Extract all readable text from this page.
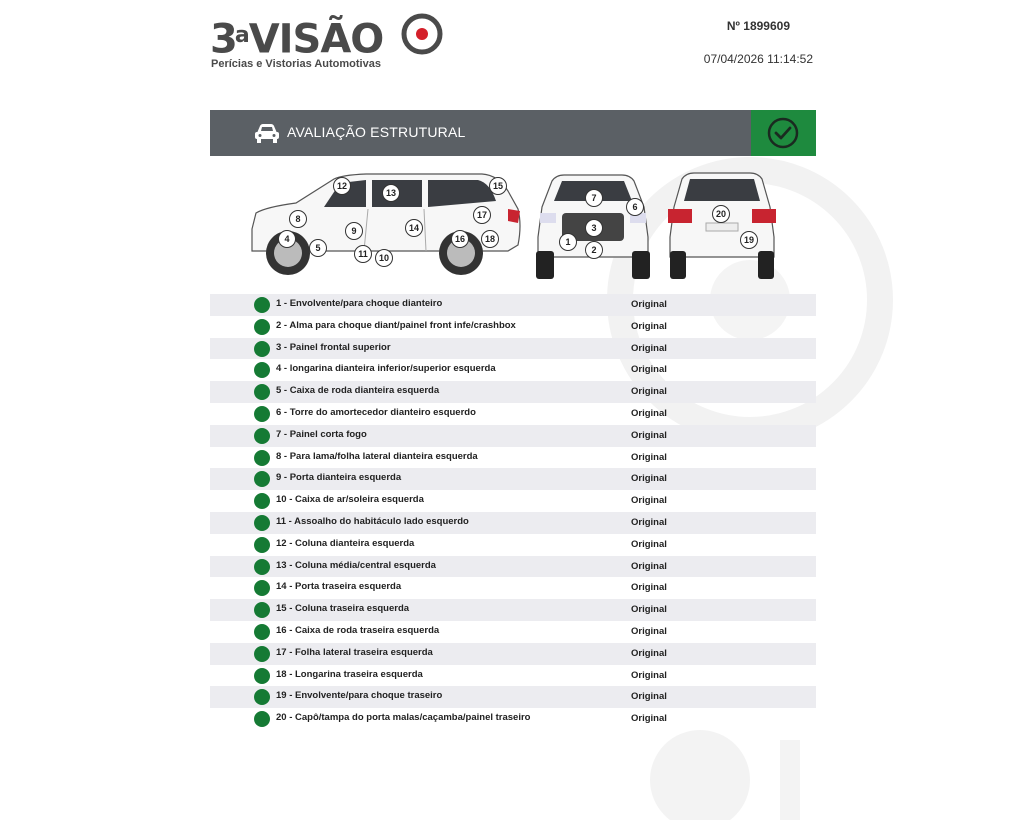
3$^a$VISÃO
Perícias e Vistorias Automotivas
Nº 1899609
07/04/2026 11:14:52
AVALIAÇÃO ESTRUTURAL
12
13
15
8	17
9	14
4	16	18
5
11	10
7
6
3
1
2
20
19
1 - Envolvente/para choque dianteiro	Original
2 - Alma para choque diant/painel front infe/crashbox	Original
3 - Painel frontal superior	Original
4 - longarina dianteira inferior/superior esquerda	Original
5 - Caixa de roda dianteira esquerda	Original
6 - Torre do amortecedor dianteiro esquerdo	Original
7 - Painel corta fogo	Original
8 - Para lama/folha lateral dianteira esquerda	Original
9 - Porta dianteira esquerda	Original
10 - Caixa de ar/soleira esquerda	Original
11 - Assoalho do habitáculo lado esquerdo	Original
12 - Coluna dianteira esquerda	Original
13 - Coluna média/central esquerda	Original
14 - Porta traseira esquerda	Original
15 - Coluna traseira esquerda	Original
16 - Caixa de roda traseira esquerda	Original
17 - Folha lateral traseira esquerda	Original
18 - Longarina traseira esquerda	Original
19 - Envolvente/para choque traseiro	Original
20 - Capô/tampa do porta malas/caçamba/painel traseiro	Original
